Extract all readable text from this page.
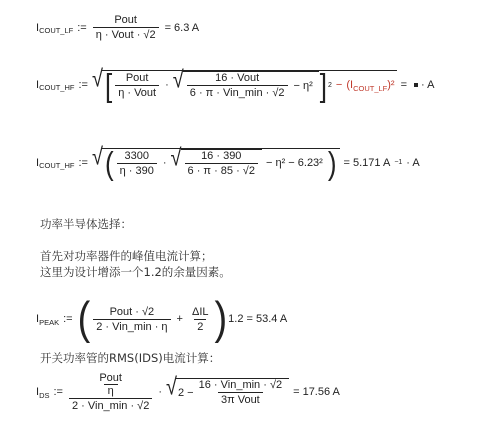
I COUT_LF := $\frac{\text{Pout}}{\text{η · Vout · √2}} = 6.3$ A
I COUT_HF := √ [ $\frac{\text{Pout}}{\text{η · Vout}}$ · √ $\frac{\text{16 · Vout}}{\text{6 · π · Vin\_min · √2}} - \eta^2$ ] 2 − (I COUT_LF )² = · A
I COUT_HF := √ ( $\frac{3300}{\eta \cdot 390}$ · √ $\frac{16 \cdot 390}{6 \cdot \pi \cdot 85 \cdot √2} - \eta^2 - 6.23^2$ ) = 5.171 A −1 · A
功率半导体选择：
首先对功率器件的峰值电流计算；
这里为设计增添一个1.2的余量因素。
I PEAK := ( $\frac{\text{Pout · √2}}{\text{2 · Vin\_min · η}} + \frac{\text{ΔIL}}{2}$ ) 1.2 = 53.4 A
开关功率管的RMS(IDS)电流计算：
I DS := Pout
η
2 · Vin_min · √2 · √ $2 - \frac{\text{16 · Vin\_min · √2}}{\text{3π Vout}} = 17.56$ A
